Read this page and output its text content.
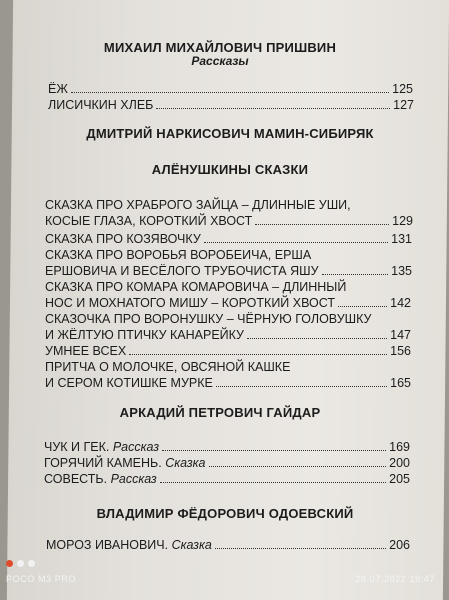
МИХАИЛ МИХАЙЛОВИЧ ПРИШВИН
Рассказы
ЁЖ	125
ЛИСИЧКИН ХЛЕБ	127
ДМИТРИЙ НАРКИСОВИЧ МАМИН-СИБИРЯК
АЛЁНУШКИНЫ СКАЗКИ
СКАЗКА ПРО ХРАБРОГО ЗАЙЦА – ДЛИННЫЕ УШИ,
КОСЫЕ ГЛАЗА, КОРОТКИЙ ХВОСТ	129
СКАЗКА ПРО КОЗЯВОЧКУ	131
СКАЗКА ПРО ВОРОБЬЯ ВОРОБЕИЧА, ЕРША
ЕРШОВИЧА И ВЕСЁЛОГО ТРУБОЧИСТА ЯШУ	135
СКАЗКА ПРО КОМАРА КОМАРОВИЧА – ДЛИННЫЙ
НОС И МОХНАТОГО МИШУ – КОРОТКИЙ ХВОСТ	142
СКАЗОЧКА ПРО ВОРОНУШКУ – ЧЁРНУЮ ГОЛОВУШКУ
И ЖЁЛТУЮ ПТИЧКУ КАНАРЕЙКУ	147
УМНЕЕ ВСЕХ	156
ПРИТЧА О МОЛОЧКЕ, ОВСЯНОЙ КАШКЕ
И СЕРОМ КОТИШКЕ МУРКЕ	165
АРКАДИЙ ПЕТРОВИЧ ГАЙДАР
ЧУК И ГЕК. Рассказ	169
ГОРЯЧИЙ КАМЕНЬ. Сказка	200
СОВЕСТЬ. Рассказ	205
ВЛАДИМИР ФЁДОРОВИЧ ОДОЕВСКИЙ
МОРОЗ ИВАНОВИЧ. Сказка	206
POCO M3 PRO	28.07.2022 19:47
